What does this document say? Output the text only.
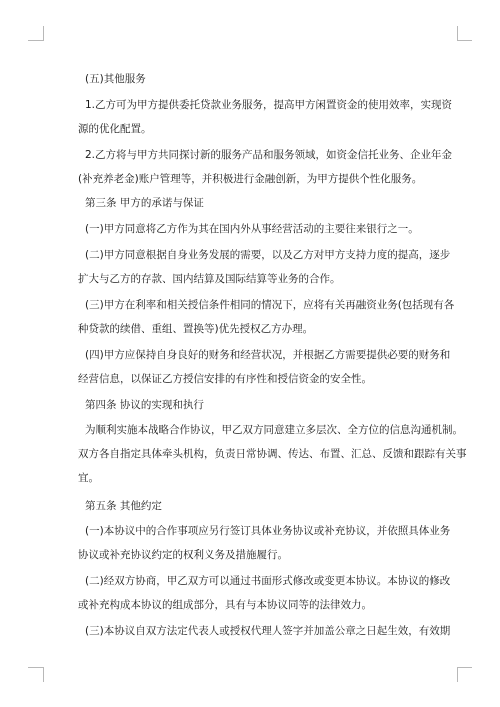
(五)其他服务
1.乙方可为甲方提供委托贷款业务服务，提高甲方闲置资金的使用效率，实现资
源的优化配置。
2.乙方将与甲方共同探讨新的服务产品和服务领域，如资金信托业务、企业年金
(补充养老金)账户管理等，并积极进行金融创新，为甲方提供个性化服务。
第三条 甲方的承诺与保证
(一)甲方同意将乙方作为其在国内外从事经营活动的主要往来银行之一。
(二)甲方同意根据自身业务发展的需要，以及乙方对甲方支持力度的提高，逐步
扩大与乙方的存款、国内结算及国际结算等业务的合作。
(三)甲方在利率和相关授信条件相同的情况下，应将有关再融资业务(包括现有各
种贷款的续借、重组、置换等)优先授权乙方办理。
(四)甲方应保持自身良好的财务和经营状况，并根据乙方需要提供必要的财务和
经营信息，以保证乙方授信安排的有序性和授信资金的安全性。
第四条 协议的实现和执行
为顺利实施本战略合作协议，甲乙双方同意建立多层次、全方位的信息沟通机制。
双方各自指定具体牵头机构，负责日常协调、传达、布置、汇总、反馈和跟踪有关事
宜。
第五条 其他约定
(一)本协议中的合作事项应另行签订具体业务协议或补充协议，并依照具体业务
协议或补充协议约定的权利义务及措施履行。
(二)经双方协商，甲乙双方可以通过书面形式修改或变更本协议。本协议的修改
或补充构成本协议的组成部分，具有与本协议同等的法律效力。
(三)本协议自双方法定代表人或授权代理人签字并加盖公章之日起生效，有效期
